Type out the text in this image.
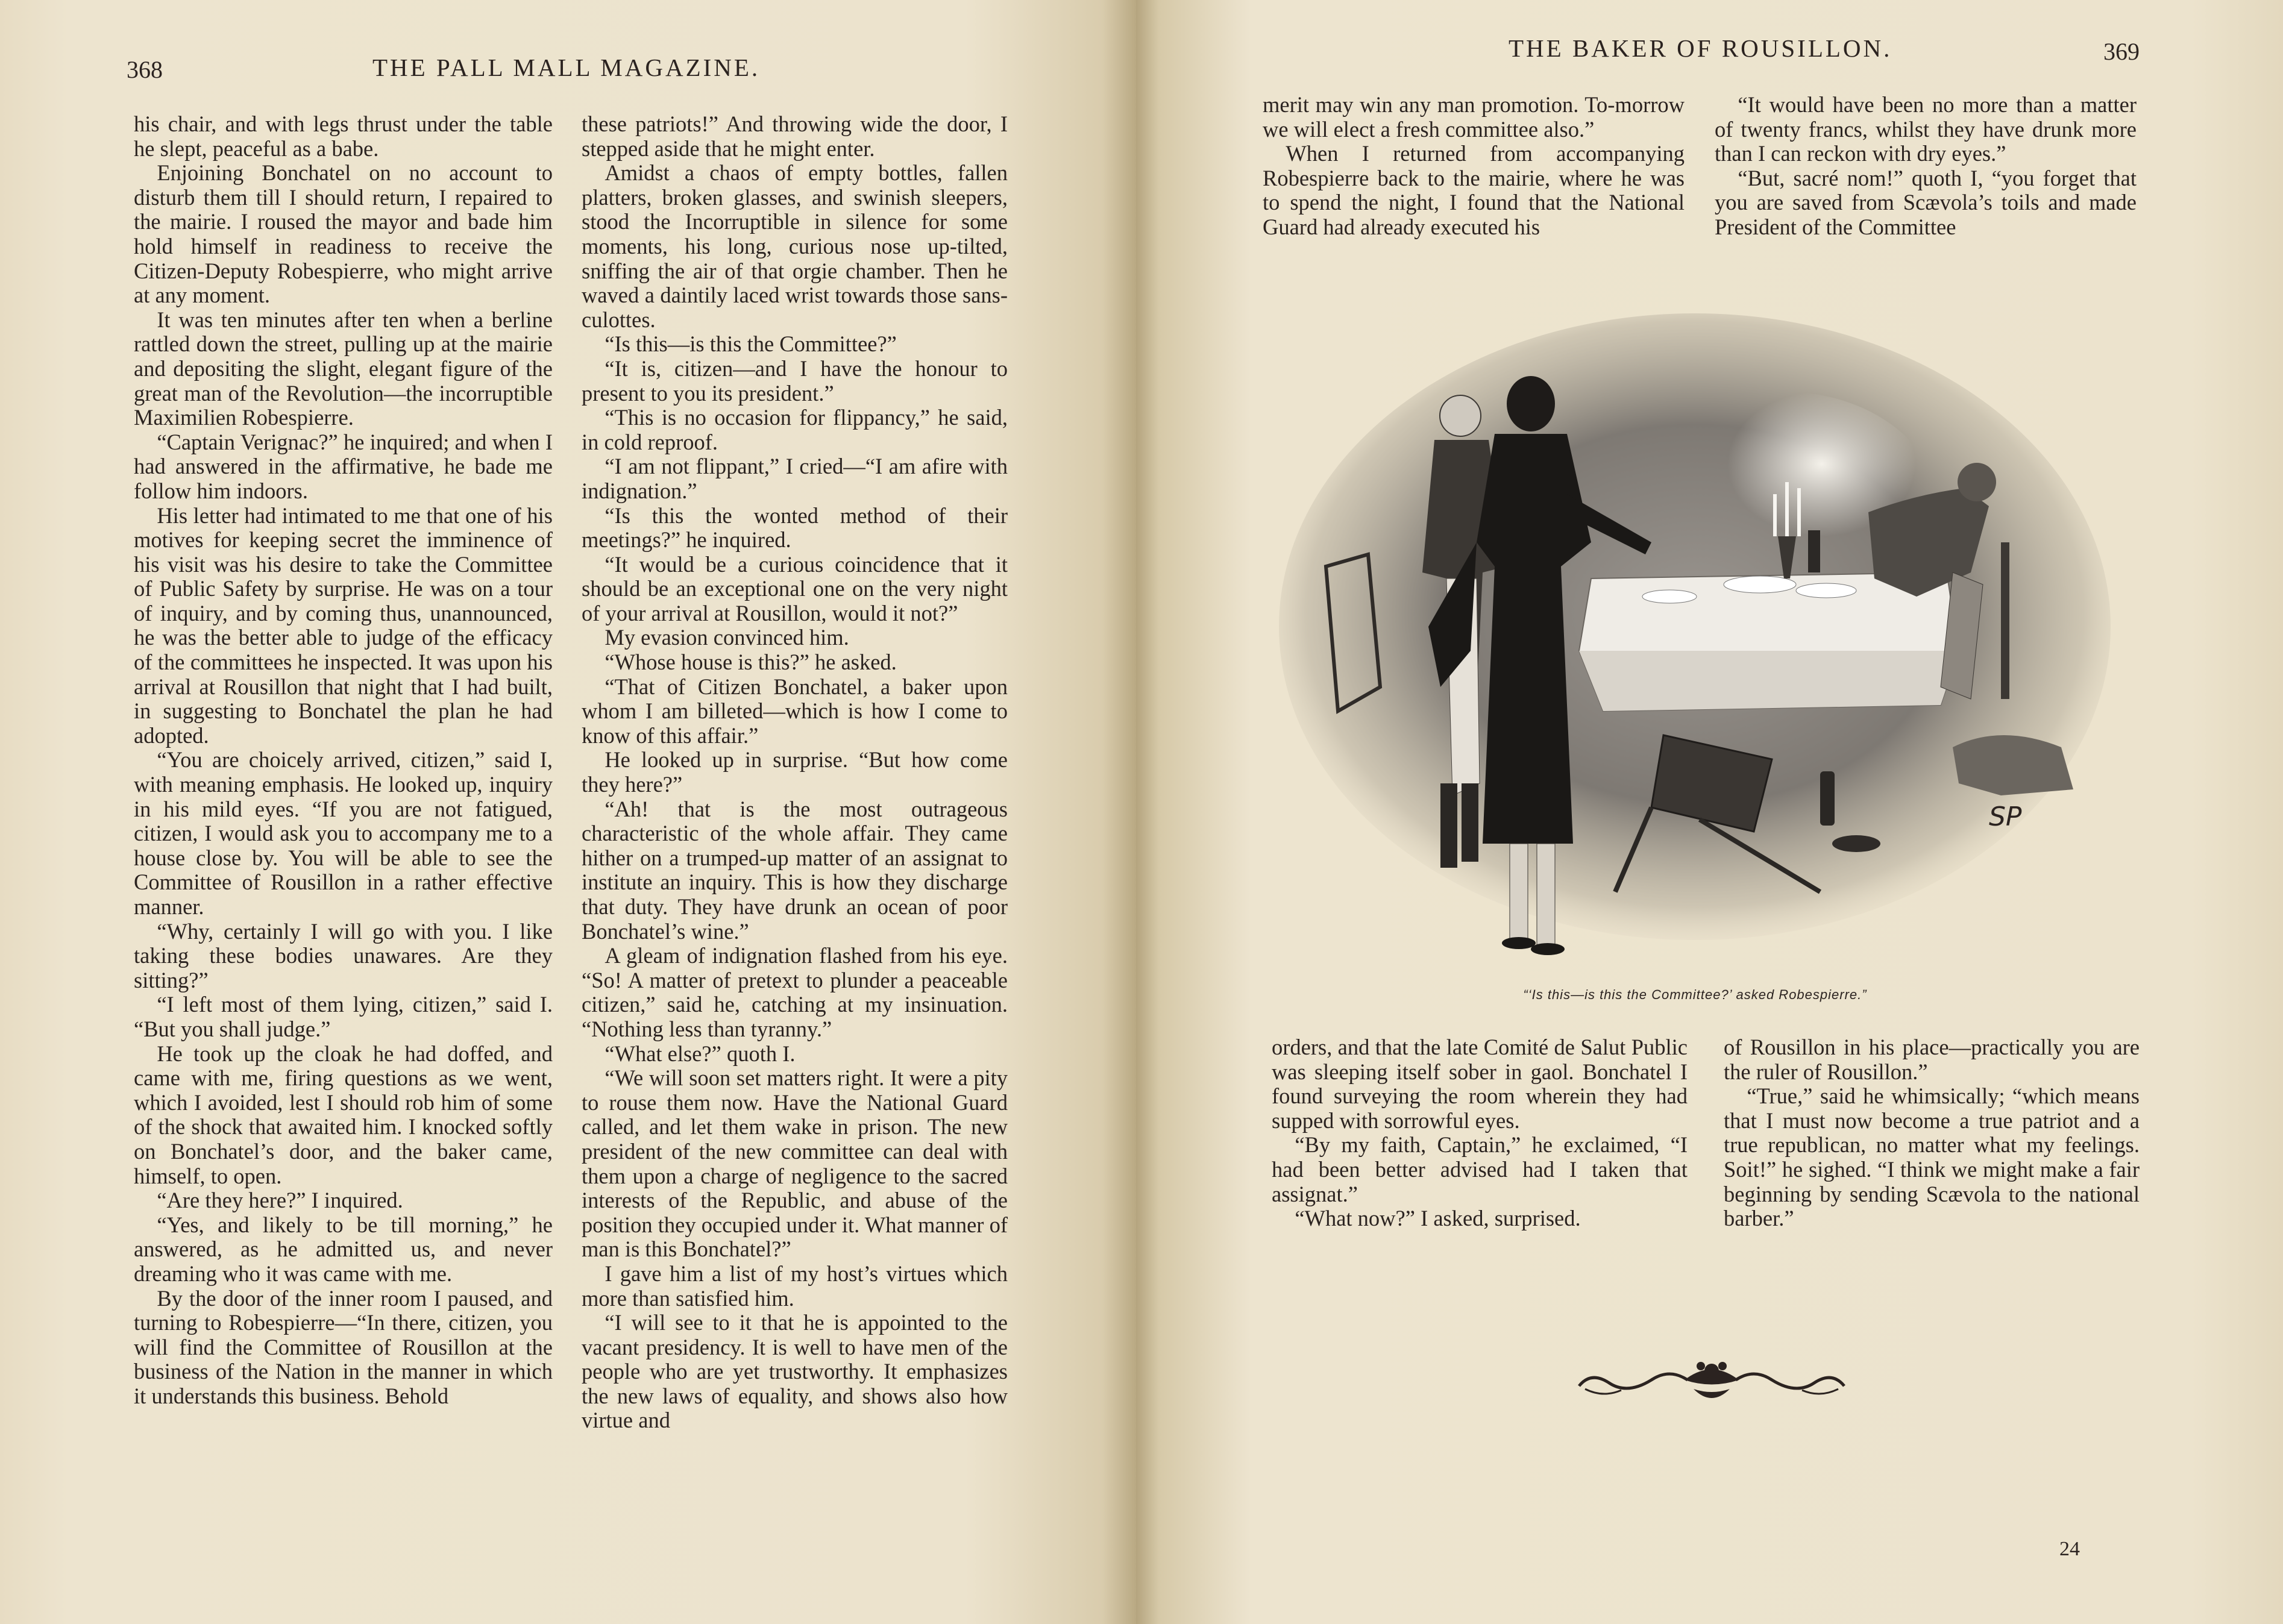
368	THE PALL MALL MAGAZINE.

his chair, and with legs thrust under the table he slept, peaceful as a babe.

Enjoining Bonchatel on no account to disturb them till I should return, I repaired to the mairie. I roused the mayor and bade him hold himself in readiness to receive the Citizen-Deputy Robespierre, who might arrive at any moment.

It was ten minutes after ten when a berline rattled down the street, pulling up at the mairie and depositing the slight, elegant figure of the great man of the Revolution—the incorruptible Maximilien Robespierre.

“Captain Verignac?” he inquired; and when I had answered in the affirmative, he bade me follow him indoors.

His letter had intimated to me that one of his motives for keeping secret the imminence of his visit was his desire to take the Committee of Public Safety by surprise. He was on a tour of inquiry, and by coming thus, unannounced, he was the better able to judge of the efficacy of the committees he inspected. It was upon his arrival at Rousillon that night that I had built, in suggesting to Bonchatel the plan he had adopted.

“You are choicely arrived, citizen,” said I, with meaning emphasis. He looked up, inquiry in his mild eyes. “If you are not fatigued, citizen, I would ask you to accompany me to a house close by. You will be able to see the Committee of Rousillon in a rather effective manner.

“Why, certainly I will go with you. I like taking these bodies unawares. Are they sitting?”

“I left most of them lying, citizen,” said I. “But you shall judge.”

He took up the cloak he had doffed, and came with me, firing questions as we went, which I avoided, lest I should rob him of some of the shock that awaited him. I knocked softly on Bonchatel’s door, and the baker came, himself, to open.

“Are they here?” I inquired.

“Yes, and likely to be till morning,” he answered, as he admitted us, and never dreaming who it was came with me.

By the door of the inner room I paused, and turning to Robespierre—“In there, citizen, you will find the Committee of Rousillon at the business of the Nation in the manner in which it understands this business. Behold

these patriots!” And throwing wide the door, I stepped aside that he might enter.

Amidst a chaos of empty bottles, fallen platters, broken glasses, and swinish sleepers, stood the Incorruptible in silence for some moments, his long, curious nose up-tilted, sniffing the air of that orgie chamber. Then he waved a daintily laced wrist towards those sans-culottes.

“Is this—is this the Committee?”

“It is, citizen—and I have the honour to present to you its president.”

“This is no occasion for flippancy,” he said, in cold reproof.

“I am not flippant,” I cried—“I am afire with indignation.”

“Is this the wonted method of their meetings?” he inquired.

“It would be a curious coincidence that it should be an exceptional one on the very night of your arrival at Rousillon, would it not?”

My evasion convinced him.

“Whose house is this?” he asked.

“That of Citizen Bonchatel, a baker upon whom I am billeted—which is how I come to know of this affair.”

He looked up in surprise. “But how come they here?”

“Ah! that is the most outrageous characteristic of the whole affair. They came hither on a trumped-up matter of an assignat to institute an inquiry. This is how they discharge that duty. They have drunk an ocean of poor Bonchatel’s wine.”

A gleam of indignation flashed from his eye. “So! A matter of pretext to plunder a peaceable citizen,” said he, catching at my insinuation. “Nothing less than tyranny.”

“What else?” quoth I.

“We will soon set matters right. It were a pity to rouse them now. Have the National Guard called, and let them wake in prison. The new president of the new committee can deal with them upon a charge of negligence to the sacred interests of the Republic, and abuse of the position they occupied under it. What manner of man is this Bonchatel?”

I gave him a list of my host’s virtues which more than satisfied him.

“I will see to it that he is appointed to the vacant presidency. It is well to have men of the people who are yet trustworthy. It emphasizes the new laws of equality, and shows also how virtue and

THE BAKER OF ROUSILLON.	369

merit may win any man promotion. To-morrow we will elect a fresh committee also.”

When I returned from accompanying Robespierre back to the mairie, where he was to spend the night, I found that the National Guard had already executed his

“It would have been no more than a matter of twenty francs, whilst they have drunk more than I can reckon with dry eyes.”

“But, sacré nom!” quoth I, “you forget that you are saved from Scævola’s toils and made President of the Committee

orders, and that the late Comité de Salut Public was sleeping itself sober in gaol. Bonchatel I found surveying the room wherein they had supped with sorrowful eyes.

“By my faith, Captain,” he exclaimed, “I had been better advised had I taken that assignat.”

“What now?” I asked, surprised.

of Rousillon in his place—practically you are the ruler of Rousillon.”

“True,” said he whimsically; “which means that I must now become a true patriot and a true republican, no matter what my feelings. Soit!” he sighed. “I think we might make a fair beginning by sending Scævola to the national barber.”

24
SP
“‘Is this—is this the Committee?’ asked Robespierre.”
